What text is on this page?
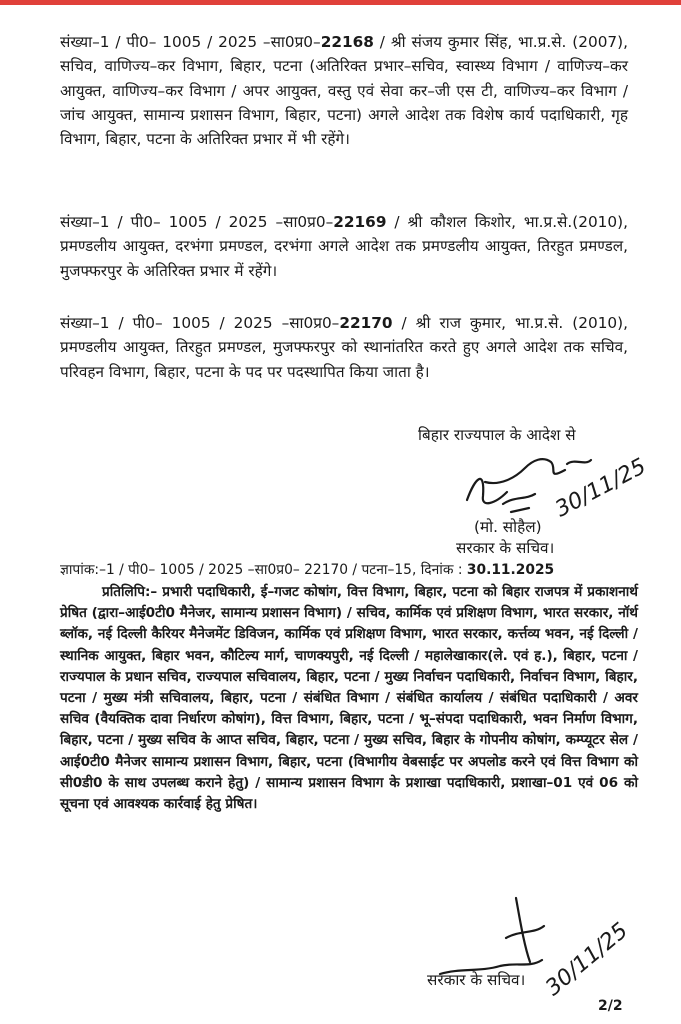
संख्या–1 / पी0– 1005 / 2025 –सा0प्र0–22168 / श्री संजय कुमार सिंह, भा.प्र.से. (2007), सचिव, वाणिज्य–कर विभाग, बिहार, पटना (अतिरिक्त प्रभार–सचिव, स्वास्थ्य विभाग / वाणिज्य–कर आयुक्त, वाणिज्य–कर विभाग / अपर आयुक्त, वस्तु एवं सेवा कर–जी एस टी, वाणिज्य–कर विभाग / जांच आयुक्त, सामान्य प्रशासन विभाग, बिहार, पटना) अगले आदेश तक विशेष कार्य पदाधिकारी, गृह विभाग, बिहार, पटना के अतिरिक्त प्रभार में भी रहेंगे।

संख्या–1 / पी0– 1005 / 2025 –सा0प्र0–22169 / श्री कौशल किशोर, भा.प्र.से.(2010), प्रमण्डलीय आयुक्त, दरभंगा प्रमण्डल, दरभंगा अगले आदेश तक प्रमण्डलीय आयुक्त, तिरहुत प्रमण्डल, मुजफ्फरपुर के अतिरिक्त प्रभार में रहेंगे।

संख्या–1 / पी0– 1005 / 2025 –सा0प्र0–22170 / श्री राज कुमार, भा.प्र.से. (2010), प्रमण्डलीय आयुक्त, तिरहुत प्रमण्डल, मुजफ्फरपुर को स्थानांतरित करते हुए अगले आदेश तक सचिव, परिवहन विभाग, बिहार, पटना के पद पर पदस्थापित किया जाता है।

बिहार राज्यपाल के आदेश से
30/11/25
(मो. सोहैल)
सरकार के सचिव।
ज्ञापांक:–1 / पी0– 1005 / 2025 –सा0प्र0– 22170 / पटना–15, दिनांक : 30.11.2025

प्रतिलिपि:– प्रभारी पदाधिकारी, ई–गजट कोषांग, वित्त विभाग, बिहार, पटना को बिहार राजपत्र में प्रकाशनार्थ प्रेषित (द्वारा–आई0टी0 मैनेजर, सामान्य प्रशासन विभाग) / सचिव, कार्मिक एवं प्रशिक्षण विभाग, भारत सरकार, नॉर्थ ब्लॉक, नई दिल्ली कैरियर मैनेजमेंट डिविजन, कार्मिक एवं प्रशिक्षण विभाग, भारत सरकार, कर्त्तव्य भवन, नई दिल्ली / स्थानिक आयुक्त, बिहार भवन, कौटिल्य मार्ग, चाणक्यपुरी, नई दिल्ली / महालेखाकार(ले. एवं ह.), बिहार, पटना / राज्यपाल के प्रधान सचिव, राज्यपाल सचिवालय, बिहार, पटना / मुख्य निर्वाचन पदाधिकारी, निर्वाचन विभाग, बिहार, पटना / मुख्य मंत्री सचिवालय, बिहार, पटना / संबंधित विभाग / संबंधित कार्यालय / संबंधित पदाधिकारी / अवर सचिव (वैयक्तिक दावा निर्धारण कोषांग), वित्त विभाग, बिहार, पटना / भू–संपदा पदाधिकारी, भवन निर्माण विभाग, बिहार, पटना / मुख्य सचिव के आप्त सचिव, बिहार, पटना / मुख्य सचिव, बिहार के गोपनीय कोषांग, कम्प्यूटर सेल / आई0टी0 मैनेजर सामान्य प्रशासन विभाग, बिहार, पटना (विभागीय वेबसाईट पर अपलोड करने एवं वित्त विभाग को सी0डी0 के साथ उपलब्ध कराने हेतु) / सामान्य प्रशासन विभाग के प्रशाखा पदाधिकारी, प्रशाखा–01 एवं 06 को सूचना एवं आवश्यक कार्रवाई हेतु प्रेषित।

30/11/25
सरकार के सचिव।
2/2
